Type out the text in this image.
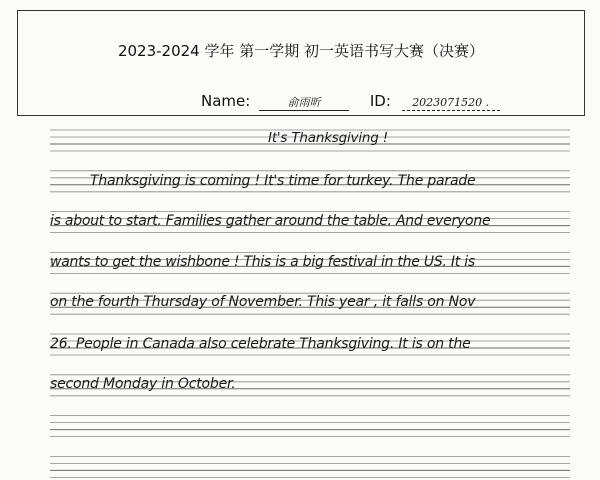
2023-2024 学年 第一学期 初一英语书写大赛（决赛）
Name:	俞雨昕	ID: 2023071520 .
It's Thanksgiving !
Thanksgiving is coming ! It's time for turkey. The parade
is about to start. Families gather around the table. And everyone
wants to get the wishbone ! This is a big festival in the US. It is
on the fourth Thursday of November. This year , it falls on Nov
26. People in Canada also celebrate Thanksgiving. It is on the
second Monday in October.
